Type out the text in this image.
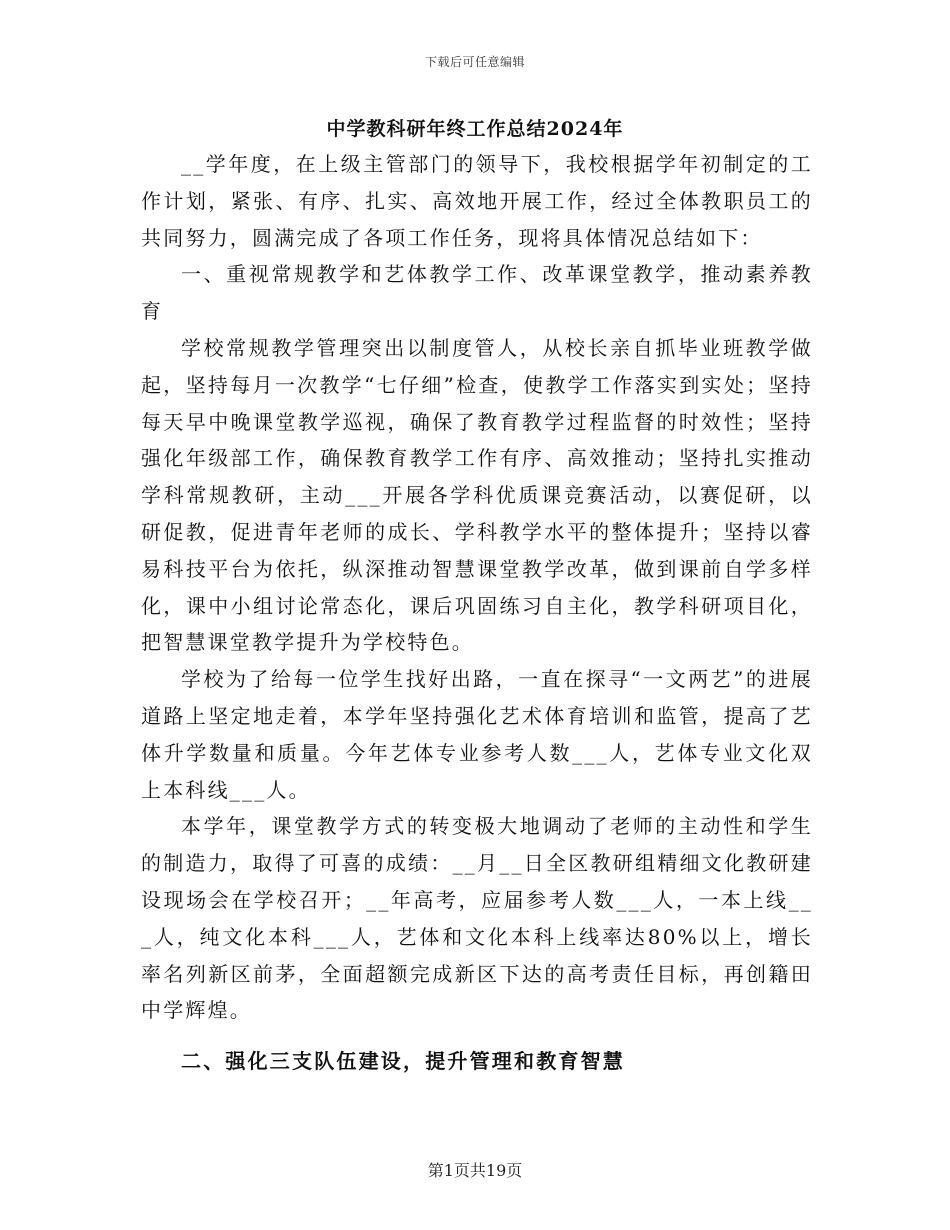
下载后可任意编辑
中学教科研年终工作总结2024年

__学年度，在上级主管部门的领导下，我校根据学年初制定的工作计划，紧张、有序、扎实、高效地开展工作，经过全体教职员工的共同努力，圆满完成了各项工作任务，现将具体情况总结如下：

一、重视常规教学和艺体教学工作、改革课堂教学，推动素养教育

学校常规教学管理突出以制度管人，从校长亲自抓毕业班教学做起，坚持每月一次教学“七仔细”检查，使教学工作落实到实处；坚持每天早中晚课堂教学巡视，确保了教育教学过程监督的时效性；坚持强化年级部工作，确保教育教学工作有序、高效推动；坚持扎实推动学科常规教研，主动___开展各学科优质课竞赛活动，以赛促研，以研促教，促进青年老师的成长、学科教学水平的整体提升；坚持以睿易科技平台为依托，纵深推动智慧课堂教学改革，做到课前自学多样化，课中小组讨论常态化，课后巩固练习自主化，教学科研项目化，把智慧课堂教学提升为学校特色。

学校为了给每一位学生找好出路，一直在探寻“一文两艺”的进展道路上坚定地走着，本学年坚持强化艺术体育培训和监管，提高了艺体升学数量和质量。今年艺体专业参考人数___人，艺体专业文化双上本科线___人。

本学年，课堂教学方式的转变极大地调动了老师的主动性和学生的制造力，取得了可喜的成绩：__月__日全区教研组精细文化教研建设现场会在学校召开；__年高考，应届参考人数___人，一本上线___人，纯文化本科___人，艺体和文化本科上线率达80%以上，增长率名列新区前茅，全面超额完成新区下达的高考责任目标，再创籍田中学辉煌。

二、强化三支队伍建设，提升管理和教育智慧

第1页共19页
